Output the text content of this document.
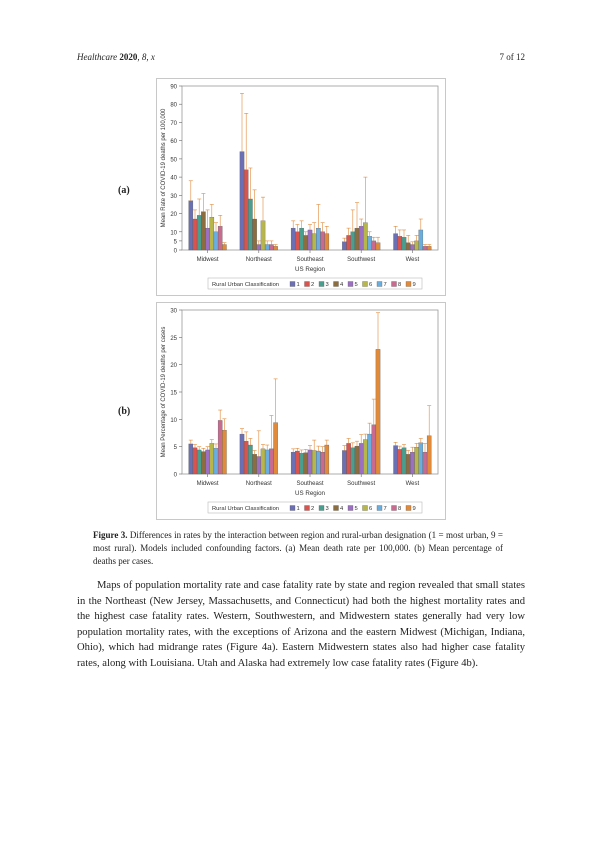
Healthcare 2020, 8, x	7 of 12
(a)
(b)
0
5
10
20
30
40
50
60
70
80
90
Mean Rate of COVID-19 deaths per 100,000
Midwest	Northeast	Southeast	Southwest	West
US Region
Rural Urban Classification	1 2 3 4 5 6 7 8 9
0
5
10
15
20
25
30
Mean Percentage of COVID-19 deaths per cases
Midwest	Northeast	Southeast	Southwest	West
US Region
Rural Urban Classification	1 2 3 4 5 6 7 8 9
Figure 3. Differences in rates by the interaction between region and rural-urban designation (1 = most urban, 9 = most rural). Models included confounding factors. (a) Mean death rate per 100,000. (b) Mean percentage of deaths per cases.
Maps of population mortality rate and case fatality rate by state and region revealed that small states in the Northeast (New Jersey, Massachusetts, and Connecticut) had both the highest mortality rates and the highest case fatality rates. Western, Southwestern, and Midwestern states generally had very low population mortality rates, with the exceptions of Arizona and the eastern Midwest (Michigan, Indiana, Ohio), which had midrange rates (Figure 4a). Eastern Midwestern states also had higher case fatality rates, along with Louisiana. Utah and Alaska had extremely low case fatality rates (Figure 4b).
